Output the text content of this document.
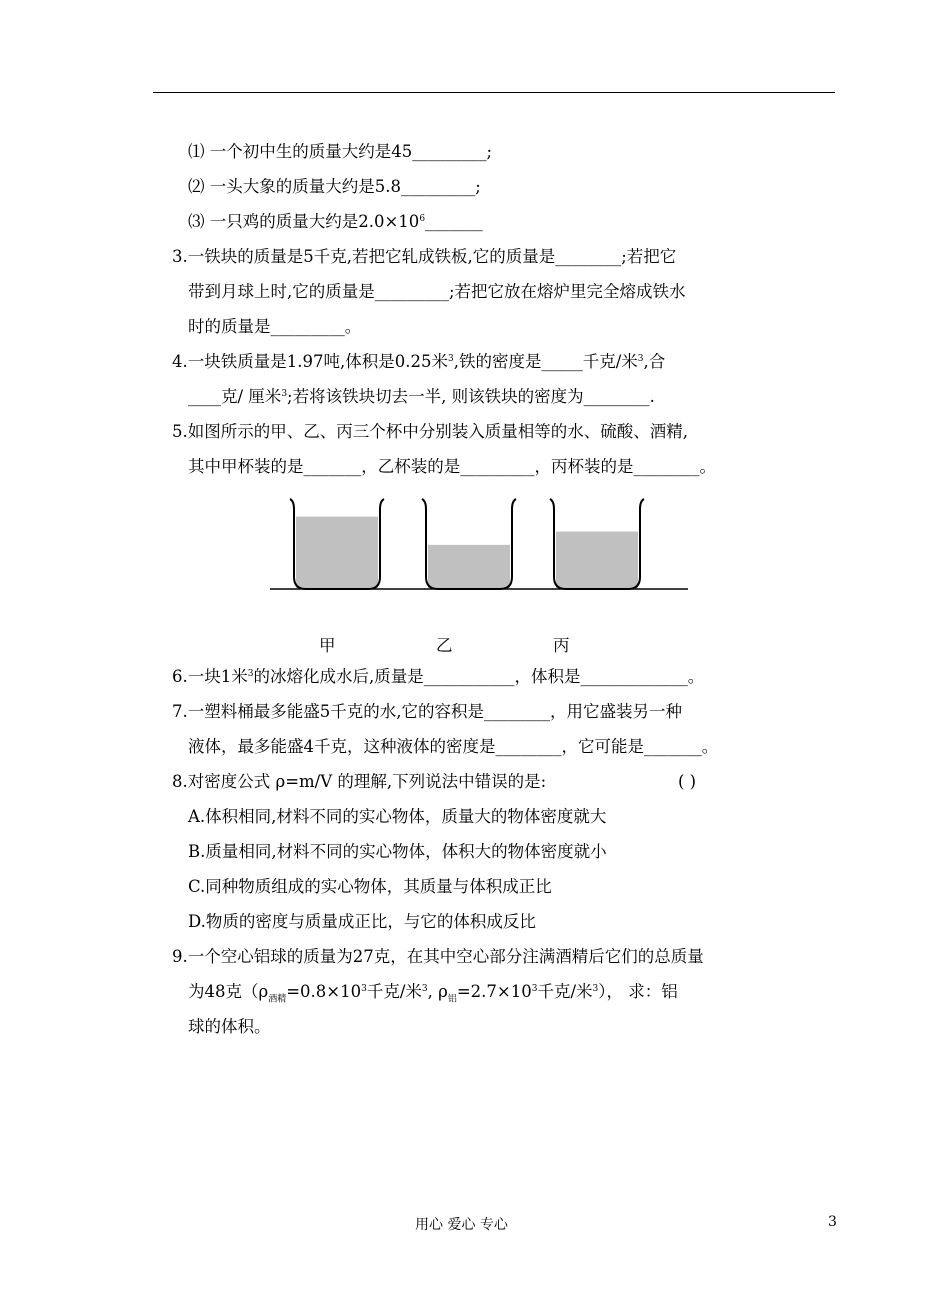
⑴ 一个初中生的质量大约是45_________;
⑵ 一头大象的质量大约是5.8_________;
⑶ 一只鸡的质量大约是$2.0\times 10^6\_\_\_\_\_\_\_$
3.一铁块的质量是5千克,若把它轧成铁板,它的质量是________;若把它
带到月球上时,它的质量是_________;若把它放在熔炉里完全熔成铁水
时的质量是_________。
4.一块铁质量是1.97吨,体积是0.25米$^3$,铁的密度是_____千克/米$^3$,合
____克/ 厘米$^3$;若将该铁块切去一半, 则该铁块的密度为________.
5.如图所示的甲、乙、丙三个杯中分别装入质量相等的水、硫酸、酒精,
其中甲杯装的是_______，乙杯装的是_________，丙杯装的是________。
甲	乙	丙
6.一块1米$^3$的冰熔化成水后,质量是___________，体积是_____________。
7.一塑料桶最多能盛5千克的水,它的容积是________，用它盛装另一种
液体，最多能盛4千克，这种液体的密度是________，它可能是_______。
8.对密度公式 ρ=m/V 的理解,下列说法中错误的是:	( )
A.体积相同,材料不同的实心物体，质量大的物体密度就大
B.质量相同,材料不同的实心物体，体积大的物体密度就小
C.同种物质组成的实心物体，其质量与体积成正比
D.物质的密度与质量成正比，与它的体积成反比
9.一个空心铝球的质量为27克，在其中空心部分注满酒精后它们的总质量
为48克（$\rho_{酒精}=0.8\times 10^3$千克/米$^3$, $\rho_铝=2.7\times 10^3$千克/米$^3$）， 求：铝
球的体积。
用心 爱心 专心	3
